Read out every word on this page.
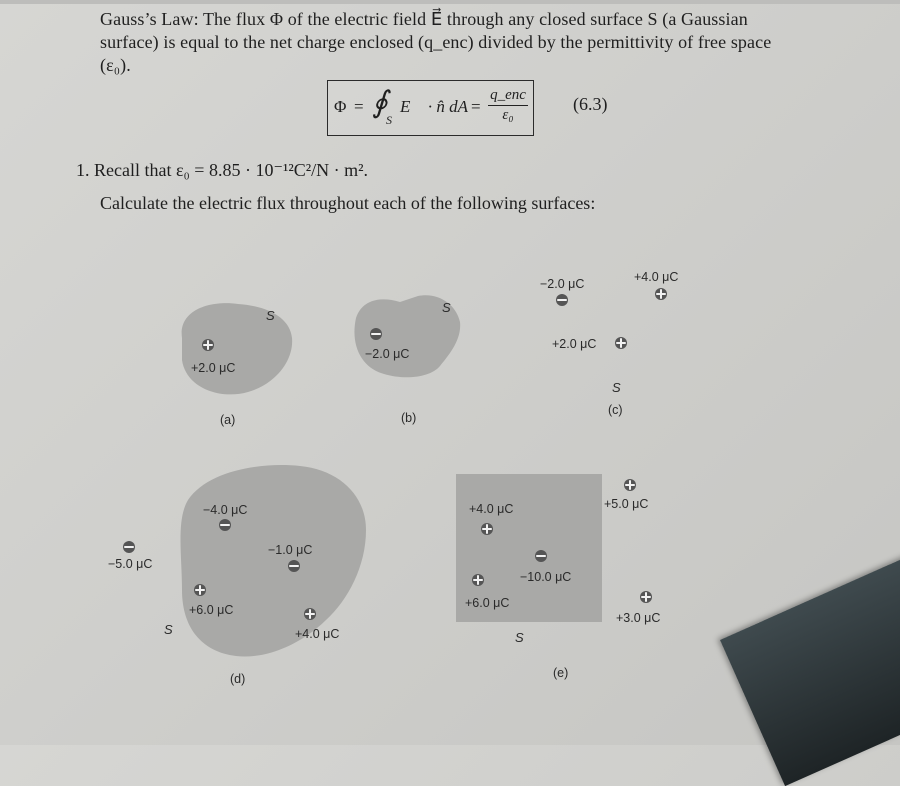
Gauss’s Law: The flux Φ of the electric field E⃗ through any closed surface S (a Gaussian
surface) is equal to the net charge enclosed (q_enc) divided by the permittivity of free space
(ε₀).
Φ = ∮
S
E⃗ · n̂ dA =
q_enc
ε₀
(6.3)
1. Recall that ε₀ = 8.85 · 10⁻¹²C²/N · m².
Calculate the electric flux throughout each of the following surfaces:
+2.0 μC
S
(a)
−2.0 μC
S
(b)
−2.0 μC	+4.0 μC
+2.0 μC
S
(c)
−5.0 μC
−4.0 μC
−1.0 μC
+6.0 μC
+4.0 μC
S
(d)
+4.0 μC
−10.0 μC
+6.0 μC
+5.0 μC
+3.0 μC
S
(e)
